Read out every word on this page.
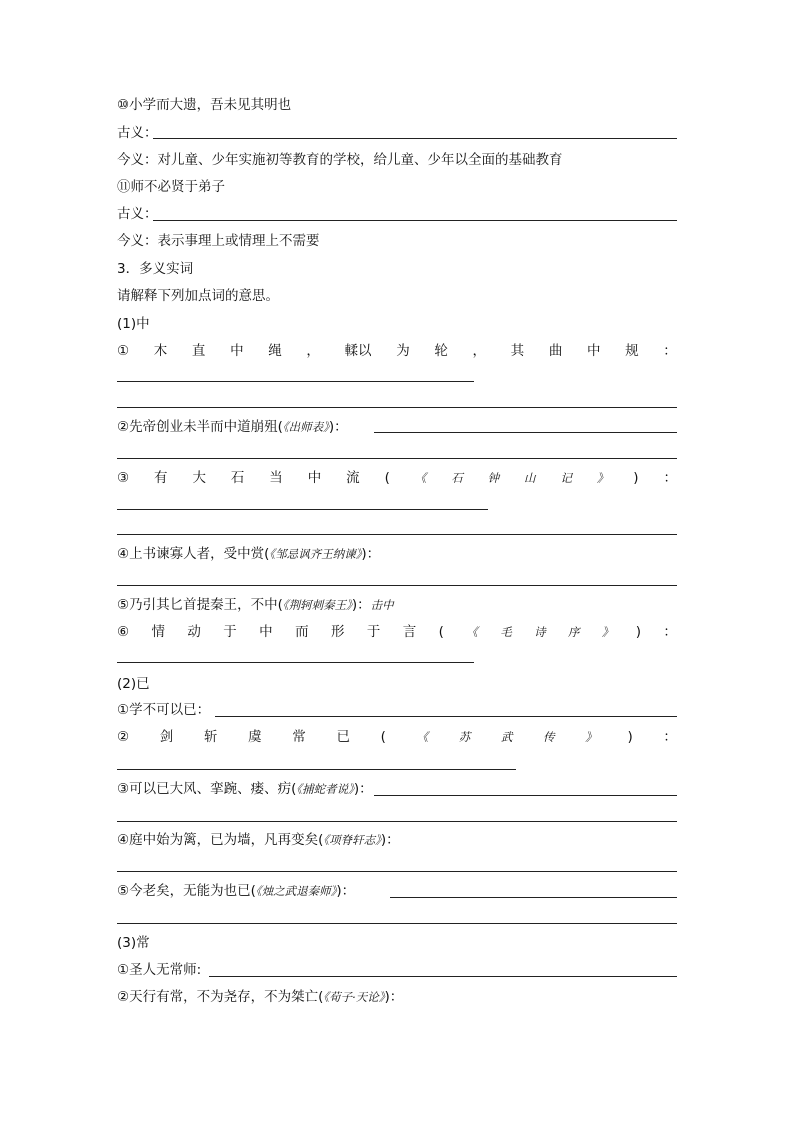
⑩小学而大遗，吾未见其明也
古义：
今义：对儿童、少年实施初等教育的学校，给儿童、少年以全面的基础教育
⑪师不必贤于弟子
古义：
今义：表示事理上或情理上不需要
3．多义实词
请解释下列加点词的意思。
(1)中
① 木 直 中 绳 ， 輮以 为 轮 ， 其 曲 中 规 ：
②先帝创业未半而中道崩殂(《出师表》)：
③ 有 大 石 当 中 流 ( 《 石 钟 山 记 》 ) ：
④上书谏寡人者，受中赏(《邹忌讽齐王纳谏》)：
⑤乃引其匕首提秦王，不中(《荆轲刺秦王》)：击中
⑥ 情 动 于 中 而 形 于 言 ( 《 毛 诗 序 》 ) ：
(2)已
①学不可以已：
② 剑 斩 虞 常 已 (	《	苏	武	传	》 ) ：
③可以已大风、挛踠、瘘、疠(《捕蛇者说》)：
④庭中始为篱，已为墙，凡再变矣(《项脊轩志》)：
⑤今老矣，无能为也已(《烛之武退秦师》)：
(3)常
①圣人无常师:
②天行有常，不为尧存，不为桀亡(《荀子·天论》)：
